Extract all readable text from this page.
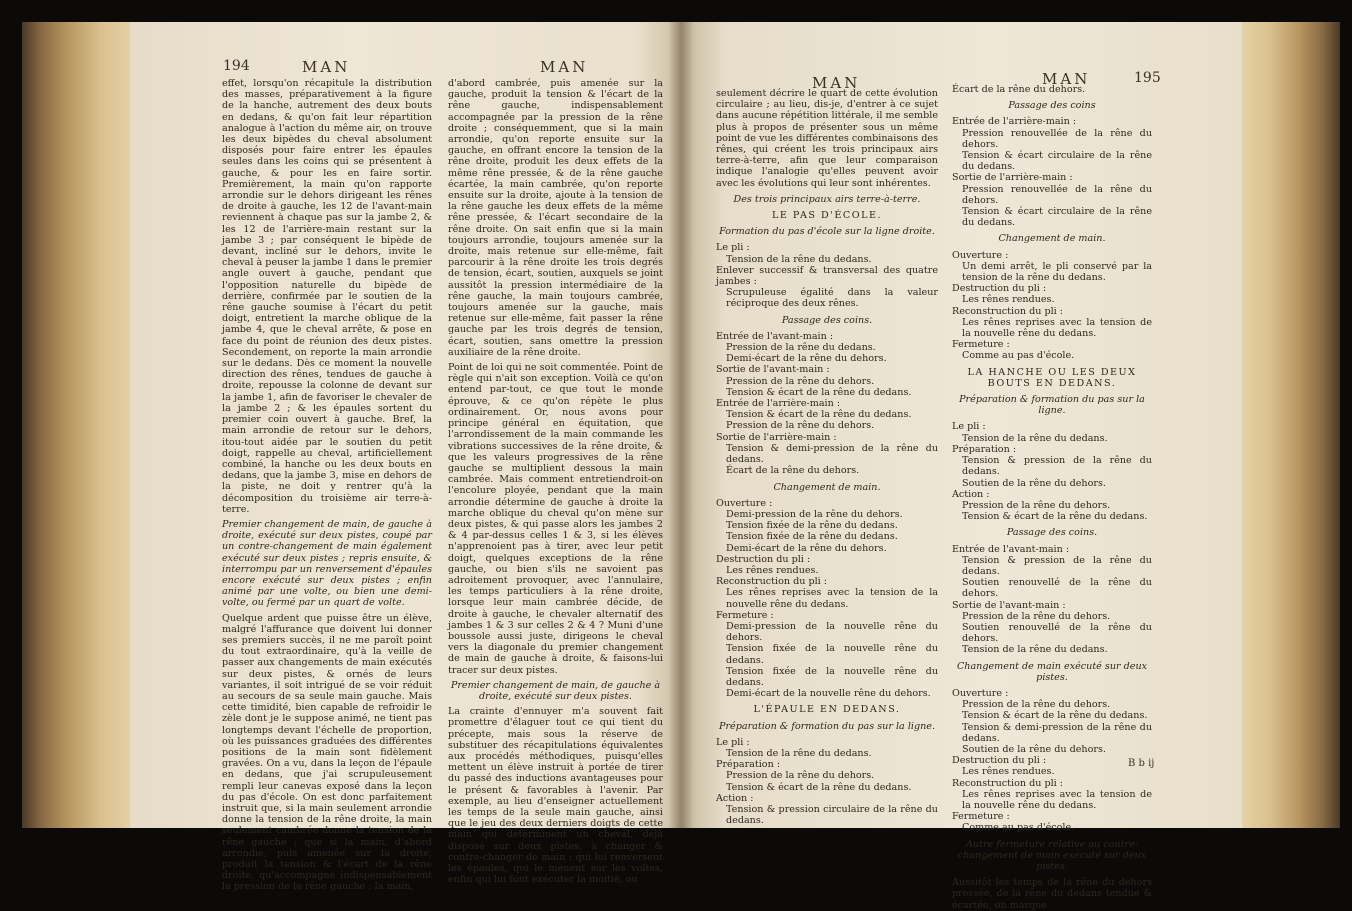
194	MAN	MAN

effet, lorsqu'on récapitule la distribution des masses, préparativement à la figure de la hanche, autrement des deux bouts en dedans, & qu'on fait leur répartition analogue à l'action du même air, on trouve les deux bipèdes du cheval absolument disposés pour faire entrer les épaules seules dans les coins qui se présentent à gauche, & pour les en faire sortir. Premièrement, la main qu'on rapporte arrondie sur le dehors dirigeant les rênes de droite à gauche, les 12 de l'avant-main reviennent à chaque pas sur la jambe 2, & les 12 de l'arrière-main restant sur la jambe 3 ; par conséquent le bipède de devant, incliné sur le dehors, invite le cheval à peuser la jambe 1 dans le premier angle ouvert à gauche, pendant que l'opposition naturelle du bipède de derrière, confirmée par le soutien de la rêne gauche soumise à l'écart du petit doigt, entretient la marche oblique de la jambe 4, que le cheval arrête, & pose en face du point de réunion des deux pistes. Secondement, on reporte la main arrondie sur le dedans. Dès ce moment la nouvelle direction des rênes, tendues de gauche à droite, repousse la colonne de devant sur la jambe 1, afin de favoriser le chevaler de la jambe 2 ; & les épaules sortent du premier coin ouvert à gauche. Bref, la main arrondie de retour sur le dehors, itou-tout aidée par le soutien du petit doigt, rappelle au cheval, artificiellement combiné, la hanche ou les deux bouts en dedans, que la jambe 3, mise en dehors de la piste, ne doit y rentrer qu'à la décomposition du troisième air terre-à-terre.

Premier changement de main, de gauche à droite, exécuté sur deux pistes, coupé par un contre-changement de main également exécuté sur deux pistes ; repris ensuite, & interrompu par un renversement d'épaules encore exécuté sur deux pistes ; enfin animé par une volte, ou bien une demi-volte, ou fermé par un quart de volte.

Quelque ardent que puisse être un élève, malgré l'affurance que doivent lui donner ses premiers succès, il ne me paroît point du tout extraordinaire, qu'à la veille de passer aux changements de main exécutés sur deux pistes, & ornés de leurs variantes, il soit intrigué de se voir réduit au secours de sa seule main gauche. Mais cette timidité, bien capable de refroidir le zèle dont je le suppose animé, ne tient pas longtemps devant l'échelle de proportion, où les puissances graduées des différentes positions de la main sont fidèlement gravées. On a vu, dans la leçon de l'épaule en dedans, que j'ai scrupuleusement rempli leur canevas exposé dans la leçon du pas d'école. On est donc parfaitement instruit que, si la main seulement arrondie donne la tension de la rêne droite, la main seulement cambrée donne la tension de la rêne gauche ; que si la main, d'abord arrondie, puis amenée sur la droite, produit la tension & l'écart de la rêne droite, qu'accompagne indispensablement la pression de la rêne gauche ; la main,

d'abord cambrée, puis amenée sur la gauche, produit la tension & l'écart de la rêne gauche, indispensablement accompagnée par la pression de la rêne droite ; conséquemment, que si la main arrondie, qu'on reporte ensuite sur la gauche, en offrant encore la tension de la rêne droite, produit les deux effets de la même rêne pressée, & de la rêne gauche écartée, la main cambrée, qu'on reporte ensuite sur la droite, ajoute à la tension de la rêne gauche les deux effets de la même rêne pressée, & l'écart secondaire de la rêne droite. On sait enfin que si la main toujours arrondie, toujours amenée sur la droite, mais retenue sur elle-même, fait parcourir à la rêne droite les trois degrés de tension, écart, soutien, auxquels se joint aussitôt la pression intermédiaire de la rêne gauche, la main toujours cambrée, toujours amenée sur la gauche, mais retenue sur elle-même, fait passer la rêne gauche par les trois degrés de tension, écart, soutien, sans omettre la pression auxiliaire de la rêne droite.

Point de loi qui ne soit commentée. Point de règle qui n'ait son exception. Voilà ce qu'on entend par-tout, ce que tout le monde éprouve, & ce qu'on répète le plus ordinairement. Or, nous avons pour principe général en équitation, que l'arrondissement de la main commande les vibrations successives de la rêne droite, & que les valeurs progressives de la rêne gauche se multiplient dessous la main cambrée. Mais comment entretiendroit-on l'encolure ployée, pendant que la main arrondie détermine de gauche à droite la marche oblique du cheval qu'on mène sur deux pistes, & qui passe alors les jambes 2 & 4 par-dessus celles 1 & 3, si les élèves n'apprenoient pas à tirer, avec leur petit doigt, quelques exceptions de la rêne gauche, ou bien s'ils ne savoient pas adroitement provoquer, avec l'annulaire, les temps particuliers à la rêne droite, lorsque leur main cambrée décide, de droite à gauche, le chevaler alternatif des jambes 1 & 3 sur celles 2 & 4 ? Muni d'une boussole aussi juste, dirigeons le cheval vers la diagonale du premier changement de main de gauche à droite, & faisons-lui tracer sur deux pistes.

Premier changement de main, de gauche à droite, exécuté sur deux pistes.

La crainte d'ennuyer m'a souvent fait promettre d'élaguer tout ce qui tient du précepte, mais sous la réserve de substituer des récapitulations équivalentes aux procédés méthodiques, puisqu'elles mettent un élève instruit à portée de tirer du passé des inductions avantageuses pour le présent & favorables à l'avenir. Par exemple, au lieu d'enseigner actuellement les temps de la seule main gauche, ainsi que le jeu des deux derniers doigts de cette main qui déterminent un cheval, déjà disposé sur deux pistes, à changer & contre-changer de main ; qui lui renversent les épaules, qui le mènent sur les voltes, enfin qui lui font exécuter la moitié, ou

MAN	MAN	195

seulement décrire le quart de cette évolution circulaire ; au lieu, dis-je, d'entrer à ce sujet dans aucune répétition littérale, il me semble plus à propos de présenter sous un même point de vue les différentes combinaisons des rênes, qui créent les trois principaux airs terre-à-terre, afin que leur comparaison indique l'analogie qu'elles peuvent avoir avec les évolutions qui leur sont inhérentes.

Des trois principaux airs terre-à-terre.
LE PAS D'ÉCOLE.
Formation du pas d'école sur la ligne droite.
Le pli :
Tension de la rêne du dedans.
Enlever successif & transversal des quatre jambes :
Scrupuleuse égalité dans la valeur réciproque des deux rênes.
Passage des coins.
Entrée de l'avant-main :
Pression de la rêne du dedans.
Demi-écart de la rêne du dehors.
Sortie de l'avant-main :
Pression de la rêne du dehors.
Tension & écart de la rêne du dedans.
Entrée de l'arrière-main :
Tension & écart de la rêne du dedans.
Pression de la rêne du dehors.
Sortie de l'arrière-main :
Tension & demi-pression de la rêne du dedans.
Écart de la rêne du dehors.
Changement de main.
Ouverture :
Demi-pression de la rêne du dehors.
Tension fixée de la rêne du dedans.
Tension fixée de la rêne du dedans.
Demi-écart de la rêne du dehors.
Destruction du pli :
Les rênes rendues.
Reconstruction du pli :
Les rênes reprises avec la tension de la nouvelle rêne du dedans.
Fermeture :
Demi-pression de la nouvelle rêne du dehors.
Tension fixée de la nouvelle rêne du dedans.
Tension fixée de la nouvelle rêne du dedans.
Demi-écart de la nouvelle rêne du dehors.
L'ÉPAULE EN DEDANS.
Préparation & formation du pas sur la ligne.
Le pli :
Tension de la rêne du dedans.
Préparation :
Pression de la rêne du dehors.
Tension & écart de la rêne du dedans.
Action :
Tension & pression circulaire de la rêne du dedans.
Écart de la rêne du dehors.
Passage des coins
Entrée de l'arrière-main :
Pression renouvellée de la rêne du dehors.
Tension & écart circulaire de la rêne du dedans.
Sortie de l'arrière-main :
Pression renouvellée de la rêne du dehors.
Tension & écart circulaire de la rêne du dedans.
Changement de main.
Ouverture :
Un demi arrêt, le pli conservé par la tension de la rêne du dedans.
Destruction du pli :
Les rênes rendues.
Reconstruction du pli :
Les rênes reprises avec la tension de la nouvelle rêne du dedans.
Fermeture :
Comme au pas d'école.
LA HANCHE OU LES DEUX BOUTS EN DEDANS.
Préparation & formation du pas sur la ligne.
Le pli :
Tension de la rêne du dedans.
Préparation :
Tension & pression de la rêne du dedans.
Soutien de la rêne du dehors.
Action :
Pression de la rêne du dehors.
Tension & écart de la rêne du dedans.
Passage des coins.
Entrée de l'avant-main :
Tension & pression de la rêne du dedans.
Soutien renouvellé de la rêne du dehors.
Sortie de l'avant-main :
Pression de la rêne du dehors.
Soutien renouvellé de la rêne du dehors.
Tension de la rêne du dedans.
Changement de main exécuté sur deux pistes.
Ouverture :
Pression de la rêne du dehors.
Tension & écart de la rêne du dedans.
Tension & demi-pression de la rêne du dedans.
Soutien de la rêne du dehors.
Destruction du pli :
Les rênes rendues.
Reconstruction du pli :
Les rênes reprises avec la tension de la nouvelle rêne du dedans.
Fermeture :
Comme au pas d'école.
Autre fermeture relative au contre-changement de main exécuté sur deux pistes.

Aussitôt les temps de la rêne du dehors pressée, de la rêne du dedans tendue & écartée, on marque

B b ij
